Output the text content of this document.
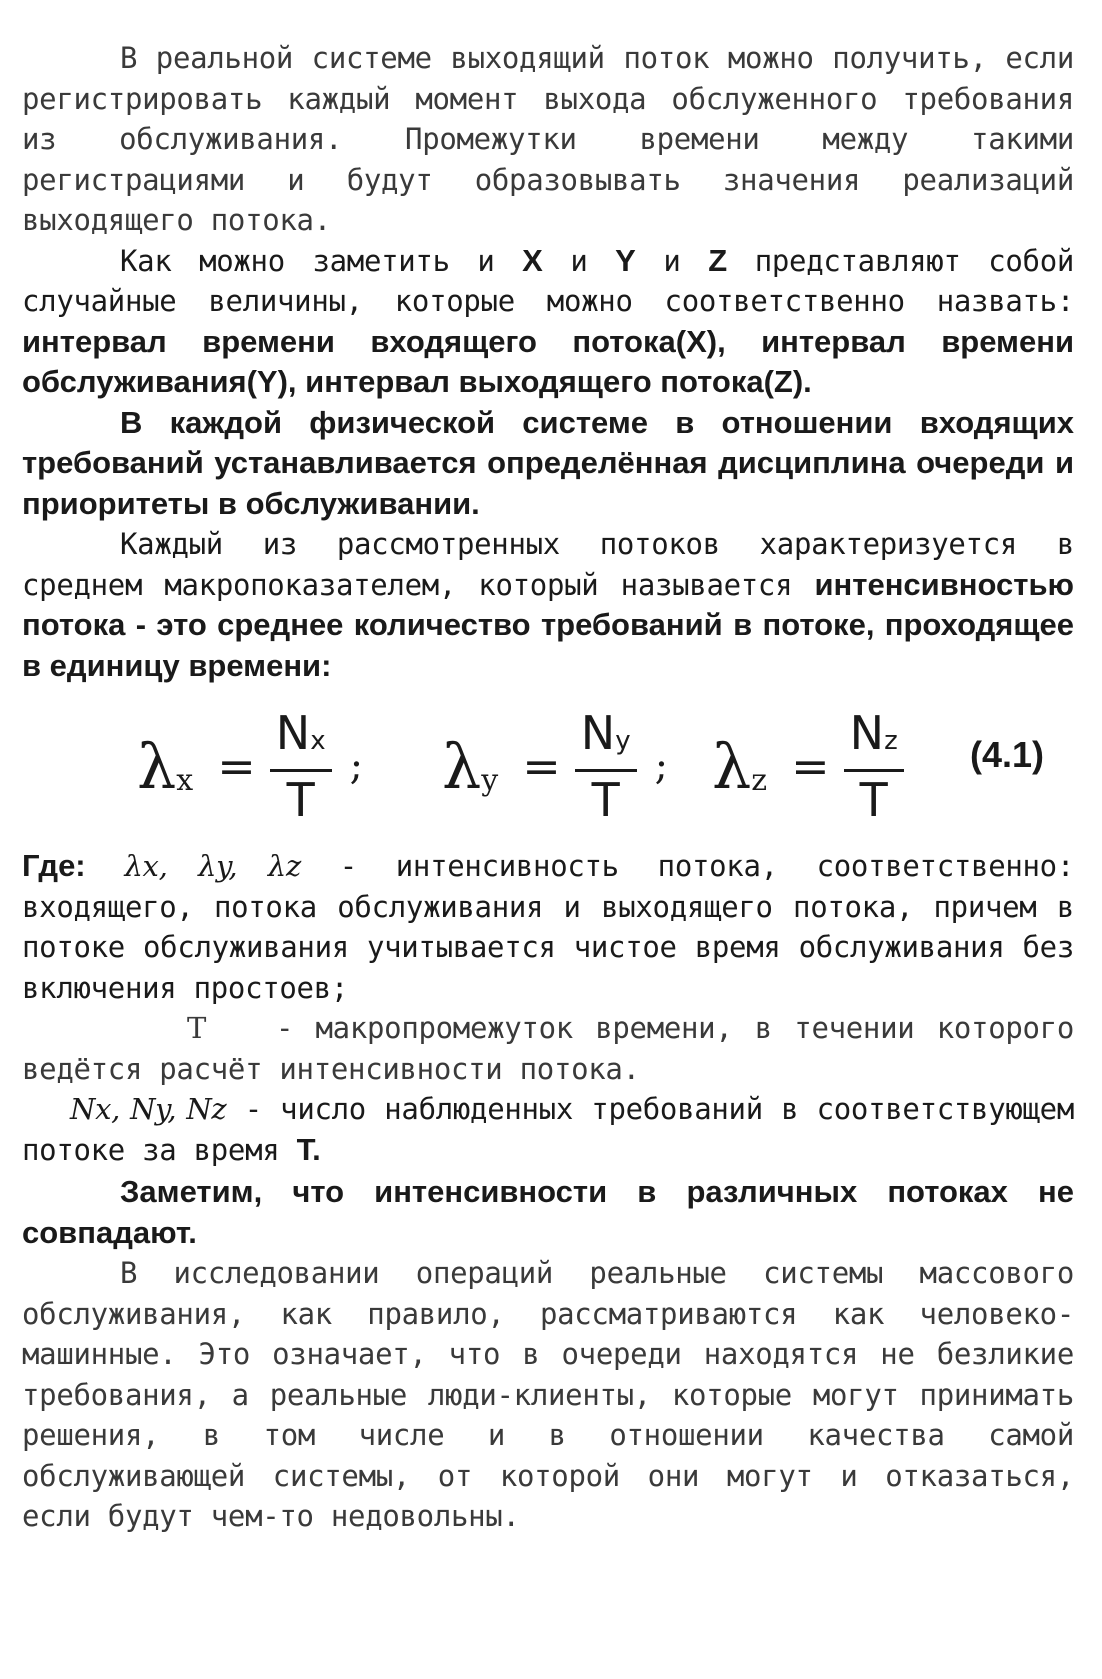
В реальной системе выходящий поток можно получить, если регистрировать каждый момент выхода обслуженного требования из обслуживания. Промежутки времени между такими регистрациями и будут образовывать значения реализаций выходящего потока.

Как можно заметить и X и Y и Z представляют собой случайные величины, которые можно соответственно назвать: интервал времени входящего потока(X), интервал времени обслуживания(Y), интервал выходящего потока(Z).

В каждой физической системе в отношении входящих требований устанавливается определённая дисциплина очереди и приоритеты в обслуживании.

Каждый из рассмотренных потоков характеризуется в среднем макропоказателем, который называется интенсивностью потока - это среднее количество требований в потоке, проходящее в единицу времени:

λ $x = \frac{Nx}{T}$ ; λ $y = \frac{Ny}{T}$ ; λ $z = \frac{Nz}{T} (4.1)$

Где: λx, λy, λz - интенсивность потока, соответственно: входящего, потока обслуживания и выходящего потока, причем в потоке обслуживания учитывается чистое время обслуживания без включения простоев;

T - макропромежуток времени, в течении которого ведётся расчёт интенсивности потока.

Nx, Ny, Nz - число наблюденных требований в соответствующем потоке за время T.

Заметим, что интенсивности в различных потоках не совпадают.

В исследовании операций реальные системы массового обслуживания, как правило, рассматриваются как человеко-машинные. Это означает, что в очереди находятся не безликие требования, а реальные люди-клиенты, которые могут принимать решения, в том числе и в отношении качества самой обслуживающей системы, от которой они могут и отказаться, если будут чем-то недовольны.
